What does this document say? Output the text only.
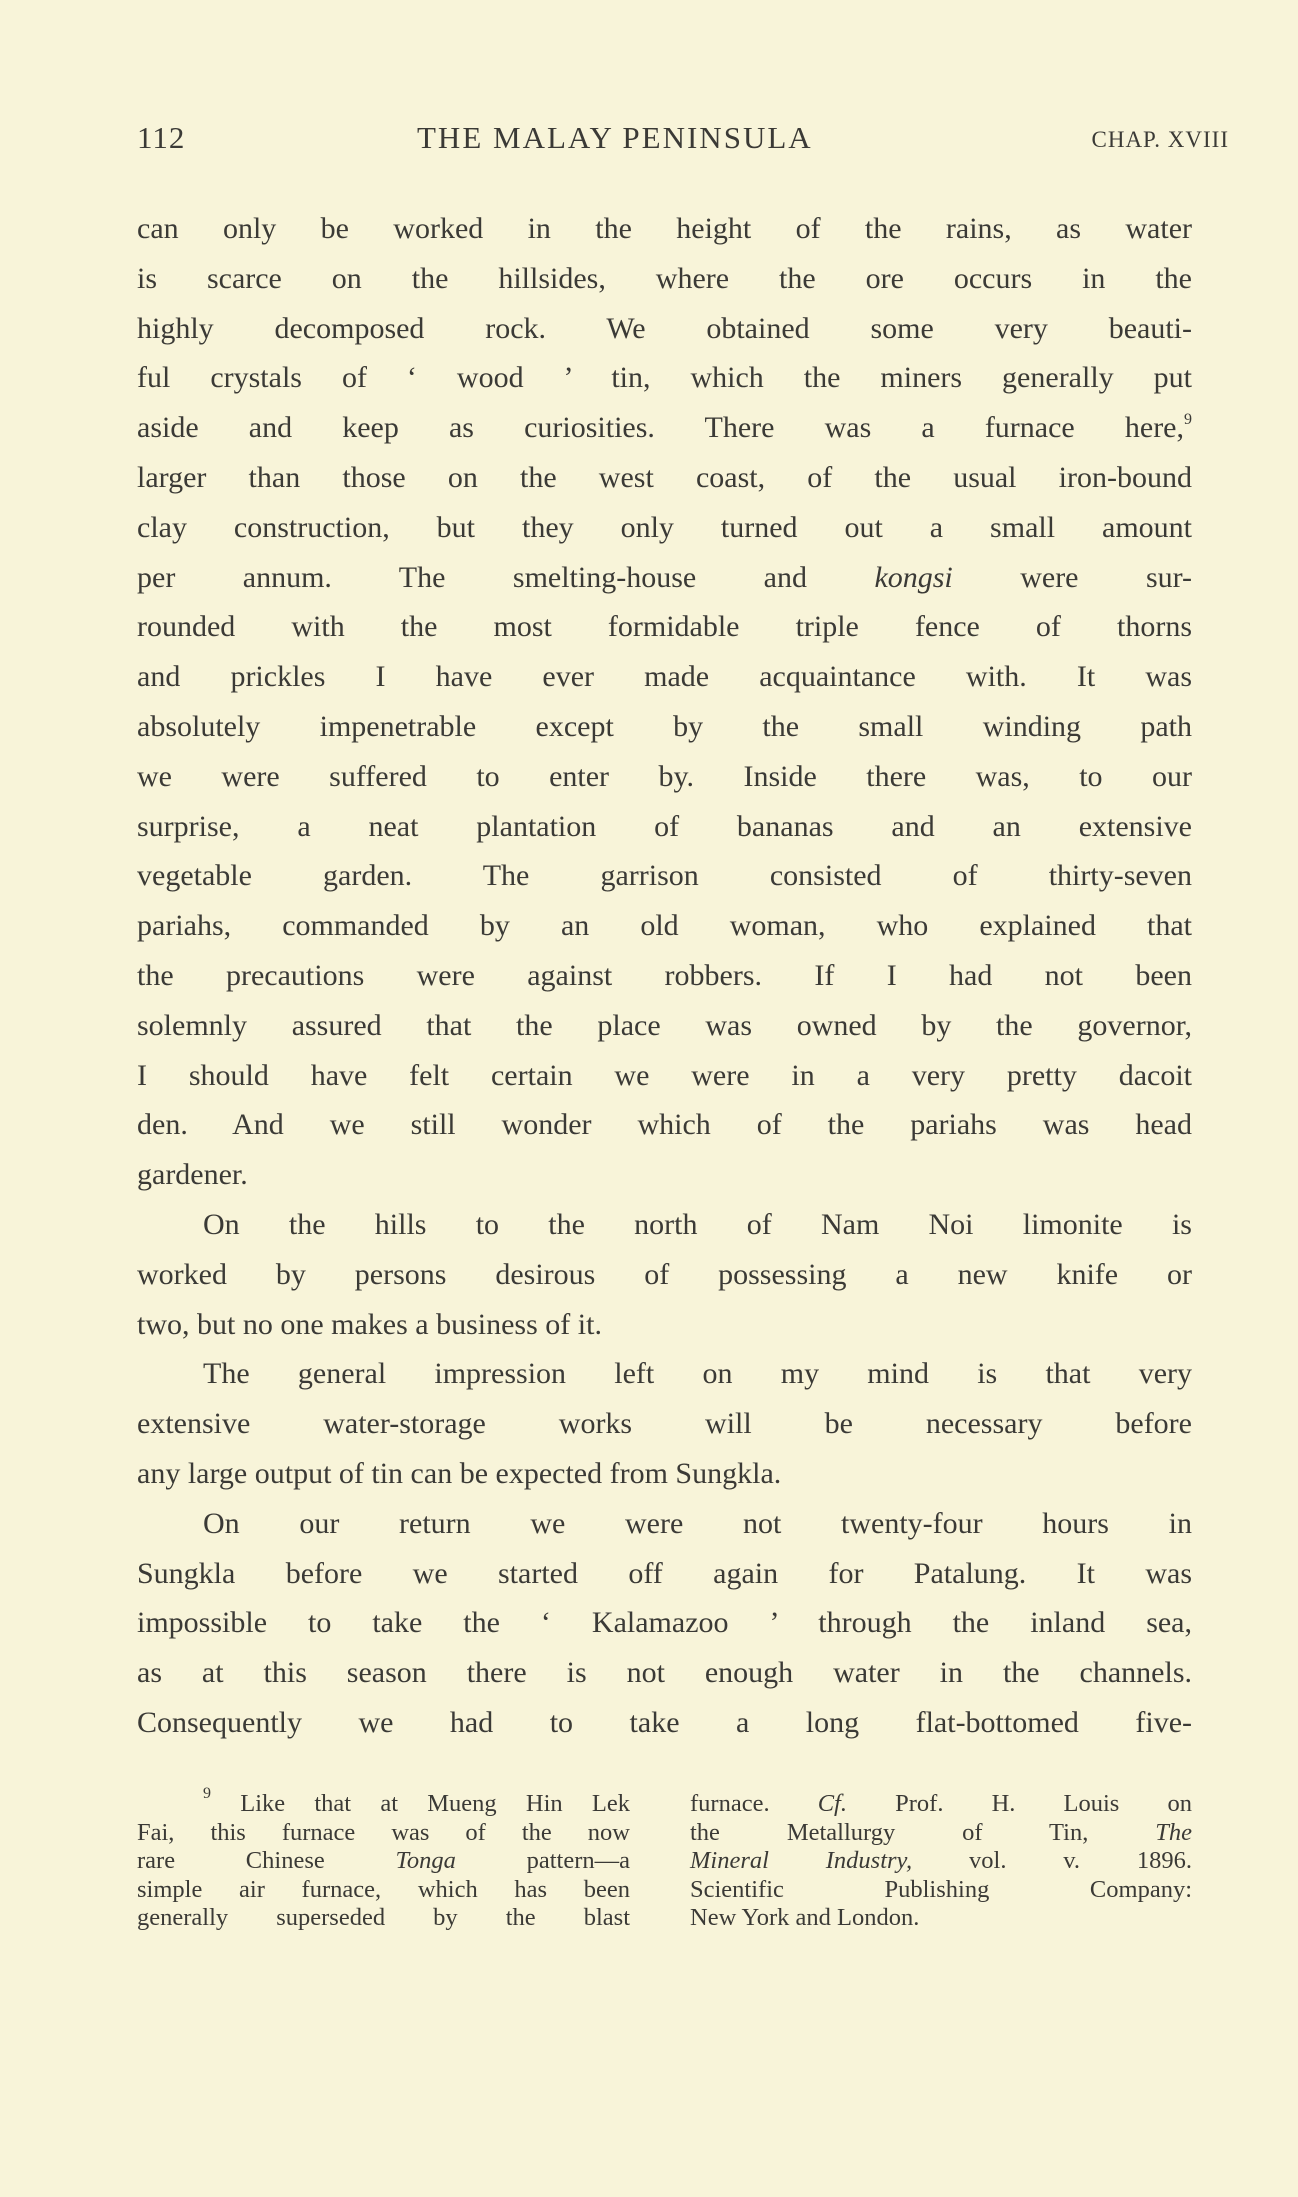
112	THE MALAY PENINSULA	CHAP. XVIII
can only be worked in the height of the rains, as water
is scarce on the hillsides, where the ore occurs in the
highly decomposed rock. We obtained some very beauti-
ful crystals of ‘ wood ’ tin, which the miners generally put
aside and keep as curiosities. There was a furnace here,$^9$
larger than those on the west coast, of the usual iron-bound
clay construction, but they only turned out a small amount
per annum. The smelting-house and kongsi were sur-
rounded with the most formidable triple fence of thorns
and prickles I have ever made acquaintance with. It was
absolutely impenetrable except by the small winding path
we were suffered to enter by. Inside there was, to our
surprise, a neat plantation of bananas and an extensive
vegetable garden. The garrison consisted of thirty-seven
pariahs, commanded by an old woman, who explained that
the precautions were against robbers. If I had not been
solemnly assured that the place was owned by the governor,
I should have felt certain we were in a very pretty dacoit
den. And we still wonder which of the pariahs was head
gardener.
On the hills to the north of Nam Noi limonite is
worked by persons desirous of possessing a new knife or
two, but no one makes a business of it.
The general impression left on my mind is that very
extensive water-storage works will be necessary before
any large output of tin can be expected from Sungkla.
On our return we were not twenty-four hours in
Sungkla before we started off again for Patalung. It was
impossible to take the ‘ Kalamazoo ’ through the inland sea,
as at this season there is not enough water in the channels.
Consequently we had to take a long flat-bottomed five-
$^9$ Like that at Mueng Hin Lek
Fai, this furnace was of the now
rare Chinese Tonga pattern—a
simple air furnace, which has been
generally superseded by the blast
furnace. Cf. Prof. H. Louis on
the Metallurgy of Tin, The
Mineral Industry, vol. v. 1896.
Scientific Publishing Company:
New York and London.
